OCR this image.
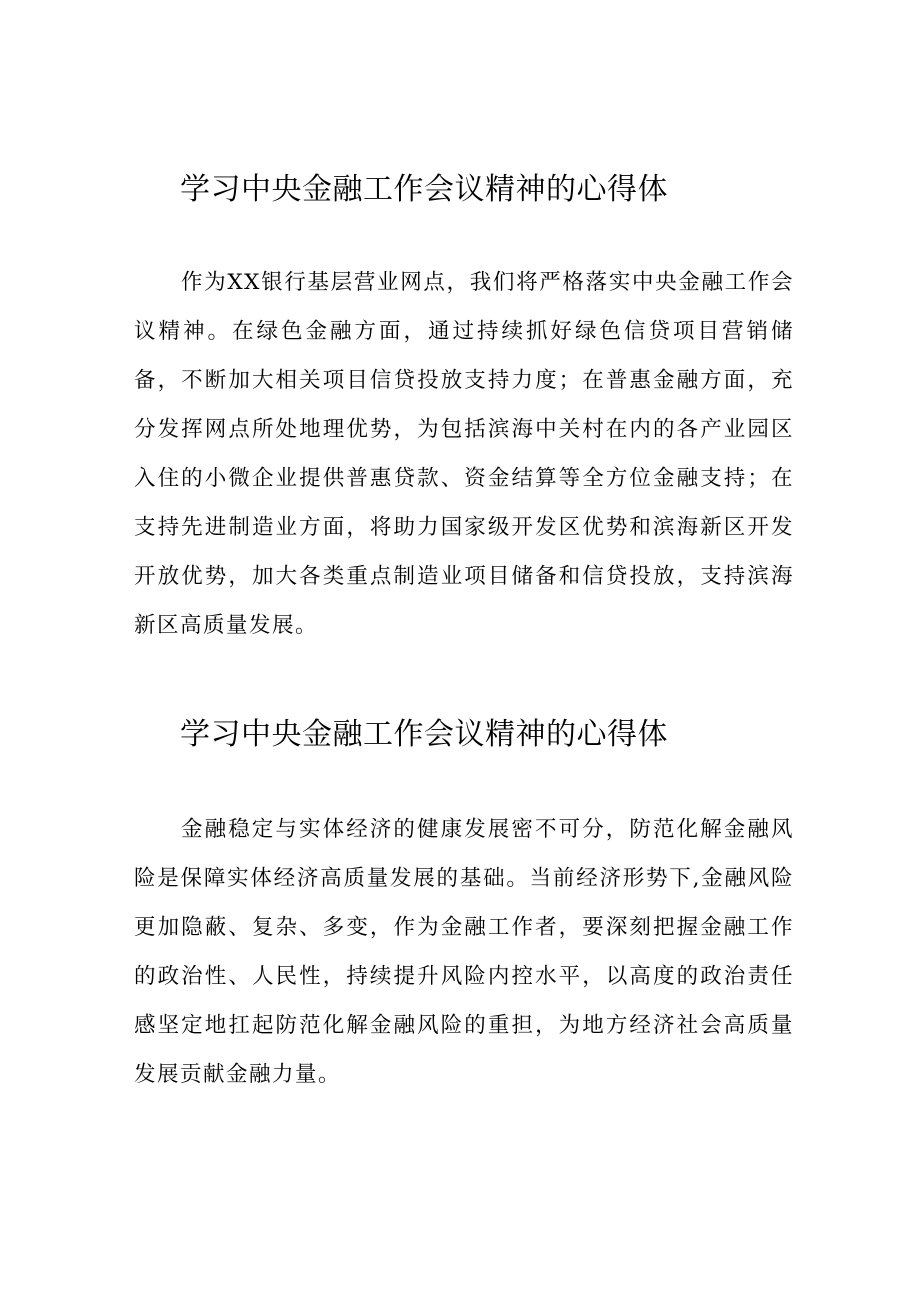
学习中央金融工作会议精神的心得体

作为XX银行基层营业网点，我们将严格落实中央金融工作会议精神。在绿色金融方面，通过持续抓好绿色信贷项目营销储备，不断加大相关项目信贷投放支持力度；在普惠金融方面，充分发挥网点所处地理优势，为包括滨海中关村在内的各产业园区入住的小微企业提供普惠贷款、资金结算等全方位金融支持；在支持先进制造业方面，将助力国家级开发区优势和滨海新区开发开放优势，加大各类重点制造业项目储备和信贷投放，支持滨海新区高质量发展。

学习中央金融工作会议精神的心得体

金融稳定与实体经济的健康发展密不可分，防范化解金融风险是保障实体经济高质量发展的基础。当前经济形势下,金融风险更加隐蔽、复杂、多变，作为金融工作者，要深刻把握金融工作的政治性、人民性，持续提升风险内控水平，以高度的政治责任感坚定地扛起防范化解金融风险的重担，为地方经济社会高质量发展贡献金融力量。
